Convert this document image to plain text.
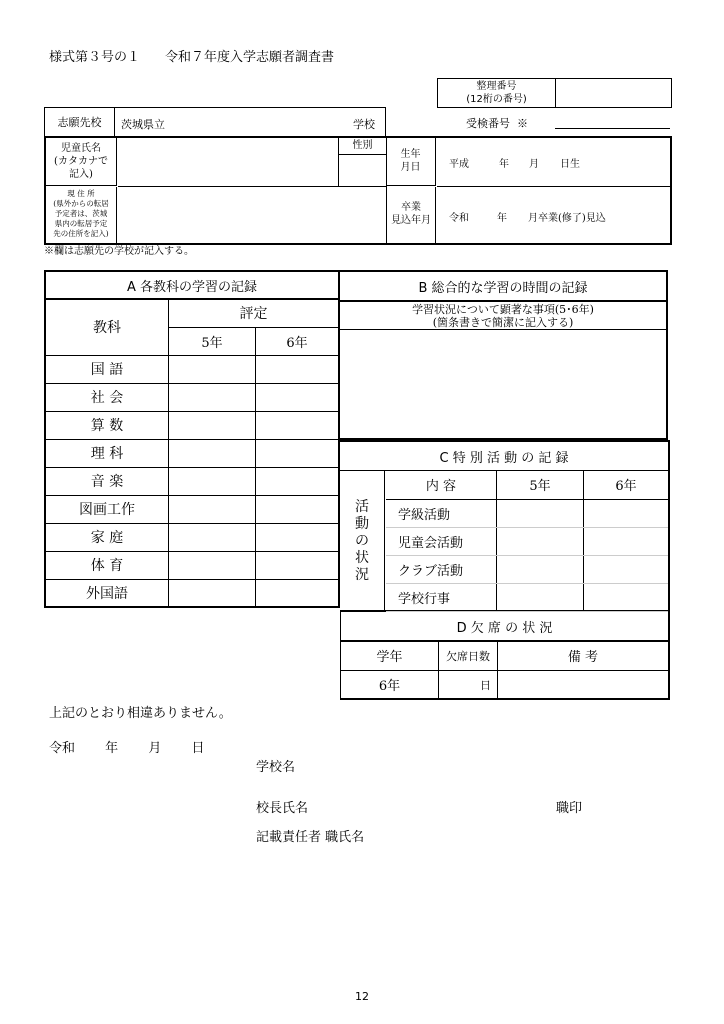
様式第３号の１ 令和７年度入学志願者調査書
整理番号
(12桁の番号)
志願先校	茨城県立	学校	受検番号 ※
児童氏名
(カタカナで
記入)
性別
生年
月日	平成	年 月 日生
現 住 所
(県外からの転居
予定者は、茨城
県内の転居予定
先の住所を記入)
卒業
見込年月	令和	年 月卒業(修了)見込
※欄は志願先の学校が記入する。
A 各教科の学習の記録		
教科	評定	
	5年	6年
国 語		
社 会		
算 数		
理 科		
音 楽		
図画工作		
家 庭		
体 育		
外国語		
B 総合的な学習の時間の記録
学習状況について顕著な事項(5･6年)
(箇条書きで簡潔に記入する)
C 特 別 活 動 の 記 録
活
動
の
状
況
内 容	5年	6年
学級活動		
児童会活動		
クラブ活動		
学校行事		
D 欠 席 の 状 況
学年	欠席日数	備 考
6年	日	
上記のとおり相違ありません。
令和 年 月 日
学校名
校長氏名	職印
記載責任者 職氏名
12
